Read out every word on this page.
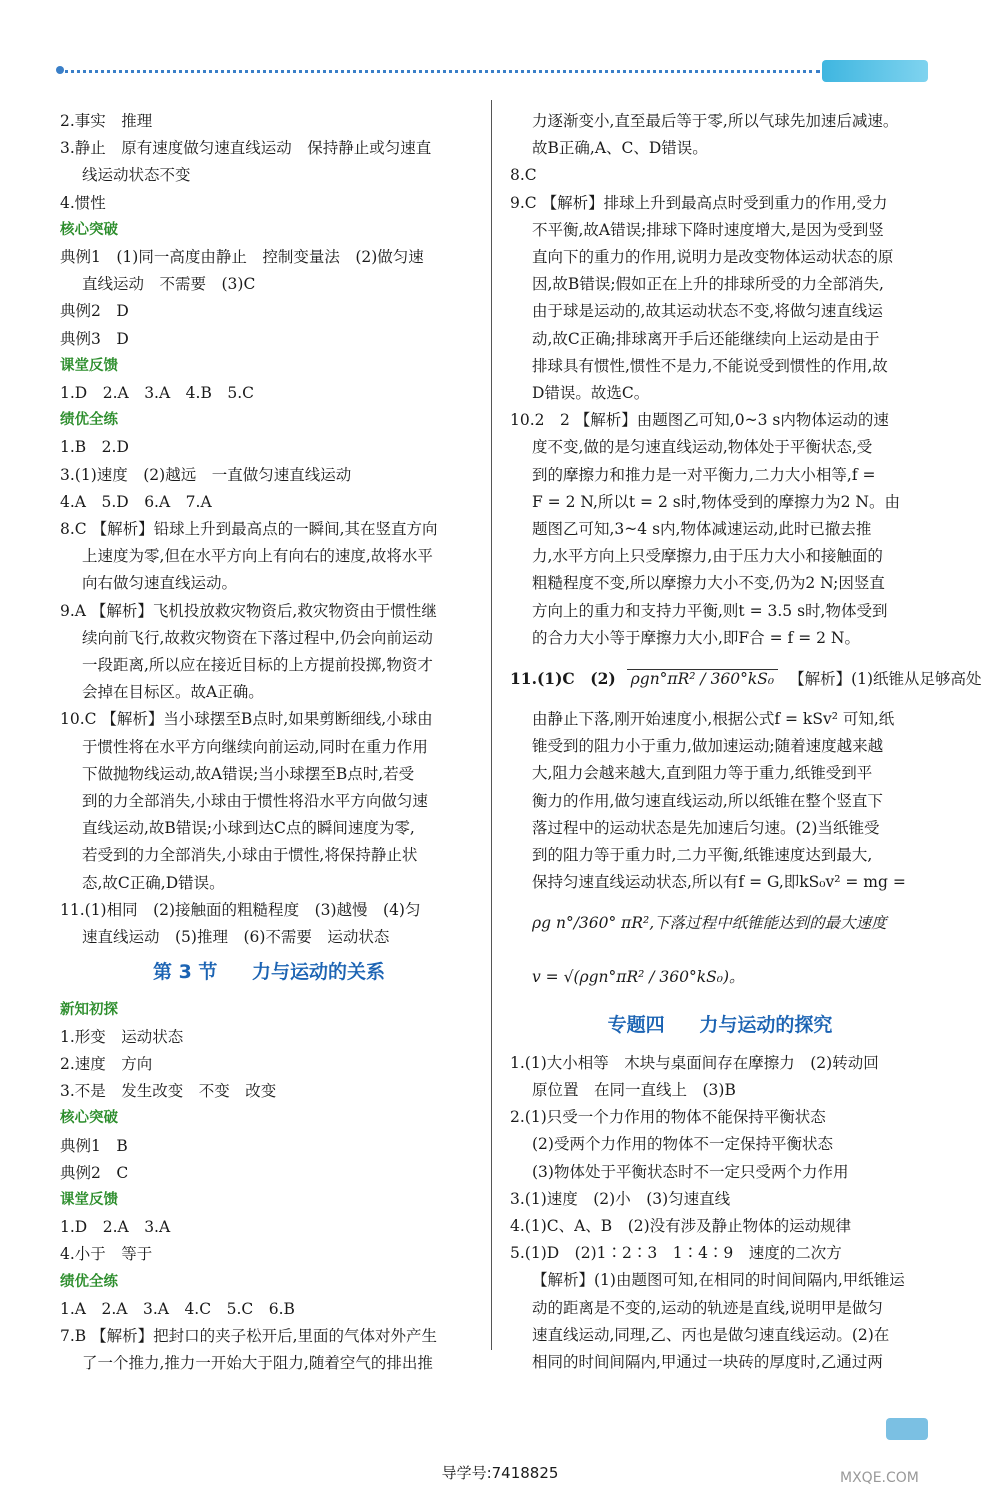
2.事实　推理
3.静止　原有速度做匀速直线运动　保持静止或匀速直
线运动状态不变
4.惯性
核心突破
典例1　(1)同一高度由静止　控制变量法　(2)做匀速
直线运动　不需要　(3)C
典例2　D
典例3　D
课堂反馈
1.D　2.A　3.A　4.B　5.C
绩优全练
1.B　2.D
3.(1)速度　(2)越远　一直做匀速直线运动
4.A　5.D　6.A　7.A
8.C 【解析】铅球上升到最高点的一瞬间,其在竖直方向
上速度为零,但在水平方向上有向右的速度,故将水平
向右做匀速直线运动。
9.A 【解析】飞机投放救灾物资后,救灾物资由于惯性继
续向前飞行,故救灾物资在下落过程中,仍会向前运动
一段距离,所以应在接近目标的上方提前投掷,物资才
会掉在目标区。故A正确。
10.C 【解析】当小球摆至B点时,如果剪断细线,小球由
于惯性将在水平方向继续向前运动,同时在重力作用
下做抛物线运动,故A错误;当小球摆至B点时,若受
到的力全部消失,小球由于惯性将沿水平方向做匀速
直线运动,故B错误;小球到达C点的瞬间速度为零,
若受到的力全部消失,小球由于惯性,将保持静止状
态,故C正确,D错误。
11.(1)相同　(2)接触面的粗糙程度　(3)越慢　(4)匀
速直线运动　(5)推理　(6)不需要　运动状态
第 3 节 力与运动的关系
新知初探
1.形变　运动状态
2.速度　方向
3.不是　发生改变　不变　改变
核心突破
典例1　B
典例2　C
课堂反馈
1.D　2.A　3.A
4.小于　等于
绩优全练
1.A　2.A　3.A　4.C　5.C　6.B
7.B 【解析】把封口的夹子松开后,里面的气体对外产生
了一个推力,推力一开始大于阻力,随着空气的排出推
力逐渐变小,直至最后等于零,所以气球先加速后减速。
故B正确,A、C、D错误。
8.C
9.C 【解析】排球上升到最高点时受到重力的作用,受力
不平衡,故A错误;排球下降时速度增大,是因为受到竖
直向下的重力的作用,说明力是改变物体运动状态的原
因,故B错误;假如正在上升的排球所受的力全部消失,
由于球是运动的,故其运动状态不变,将做匀速直线运
动,故C正确;排球离开手后还能继续向上运动是由于
排球具有惯性,惯性不是力,不能说受到惯性的作用,故
D错误。故选C。
10.2　2 【解析】由题图乙可知,0~3 s内物体运动的速
度不变,做的是匀速直线运动,物体处于平衡状态,受
到的摩擦力和推力是一对平衡力,二力大小相等,f =
F = 2 N,所以t = 2 s时,物体受到的摩擦力为2 N。由
题图乙可知,3~4 s内,物体减速运动,此时已撤去推
力,水平方向上只受摩擦力,由于压力大小和接触面的
粗糙程度不变,所以摩擦力大小不变,仍为2 N;因竖直
方向上的重力和支持力平衡,则t = 3.5 s时,物体受到
的合力大小等于摩擦力大小,即F合 = f = 2 N。
11.(1)C　(2) ρgn°πR² / 360°kS₀ 【解析】(1)纸锥从足够高处
由静止下落,刚开始速度小,根据公式f = kSv² 可知,纸
锥受到的阻力小于重力,做加速运动;随着速度越来越
大,阻力会越来越大,直到阻力等于重力,纸锥受到平
衡力的作用,做匀速直线运动,所以纸锥在整个竖直下
落过程中的运动状态是先加速后匀速。(2)当纸锥受
到的阻力等于重力时,二力平衡,纸锥速度达到最大,
保持匀速直线运动状态,所以有f = G,即kS₀v² = mg =
ρg n°/360° πR²,下落过程中纸锥能达到的最大速度
v = √(ρgn°πR² / 360°kS₀)。
专题四 力与运动的探究
1.(1)大小相等　木块与桌面间存在摩擦力　(2)转动回
原位置　在同一直线上　(3)B
2.(1)只受一个力作用的物体不能保持平衡状态
(2)受两个力作用的物体不一定保持平衡状态
(3)物体处于平衡状态时不一定只受两个力作用
3.(1)速度　(2)小　(3)匀速直线
4.(1)C、A、B　(2)没有涉及静止物体的运动规律
5.(1)D　(2)1∶2∶3　1∶4∶9　速度的二次方
【解析】(1)由题图可知,在相同的时间间隔内,甲纸锥运
动的距离是不变的,运动的轨迹是直线,说明甲是做匀
速直线运动,同理,乙、丙也是做匀速直线运动。(2)在
相同的时间间隔内,甲通过一块砖的厚度时,乙通过两
导学号:7418825	MXQE.COM
